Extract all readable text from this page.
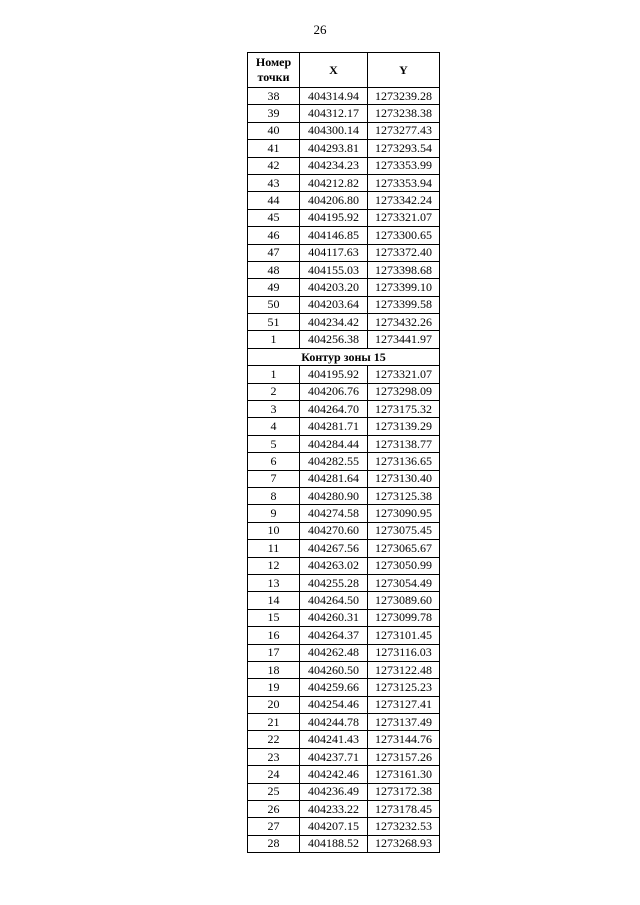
26
Номер точки	X	Y
38	404314.94	1273239.28
39	404312.17	1273238.38
40	404300.14	1273277.43
41	404293.81	1273293.54
42	404234.23	1273353.99
43	404212.82	1273353.94
44	404206.80	1273342.24
45	404195.92	1273321.07
46	404146.85	1273300.65
47	404117.63	1273372.40
48	404155.03	1273398.68
49	404203.20	1273399.10
50	404203.64	1273399.58
51	404234.42	1273432.26
1	404256.38	1273441.97
Контур зоны 15		
1	404195.92	1273321.07
2	404206.76	1273298.09
3	404264.70	1273175.32
4	404281.71	1273139.29
5	404284.44	1273138.77
6	404282.55	1273136.65
7	404281.64	1273130.40
8	404280.90	1273125.38
9	404274.58	1273090.95
10	404270.60	1273075.45
11	404267.56	1273065.67
12	404263.02	1273050.99
13	404255.28	1273054.49
14	404264.50	1273089.60
15	404260.31	1273099.78
16	404264.37	1273101.45
17	404262.48	1273116.03
18	404260.50	1273122.48
19	404259.66	1273125.23
20	404254.46	1273127.41
21	404244.78	1273137.49
22	404241.43	1273144.76
23	404237.71	1273157.26
24	404242.46	1273161.30
25	404236.49	1273172.38
26	404233.22	1273178.45
27	404207.15	1273232.53
28	404188.52	1273268.93
